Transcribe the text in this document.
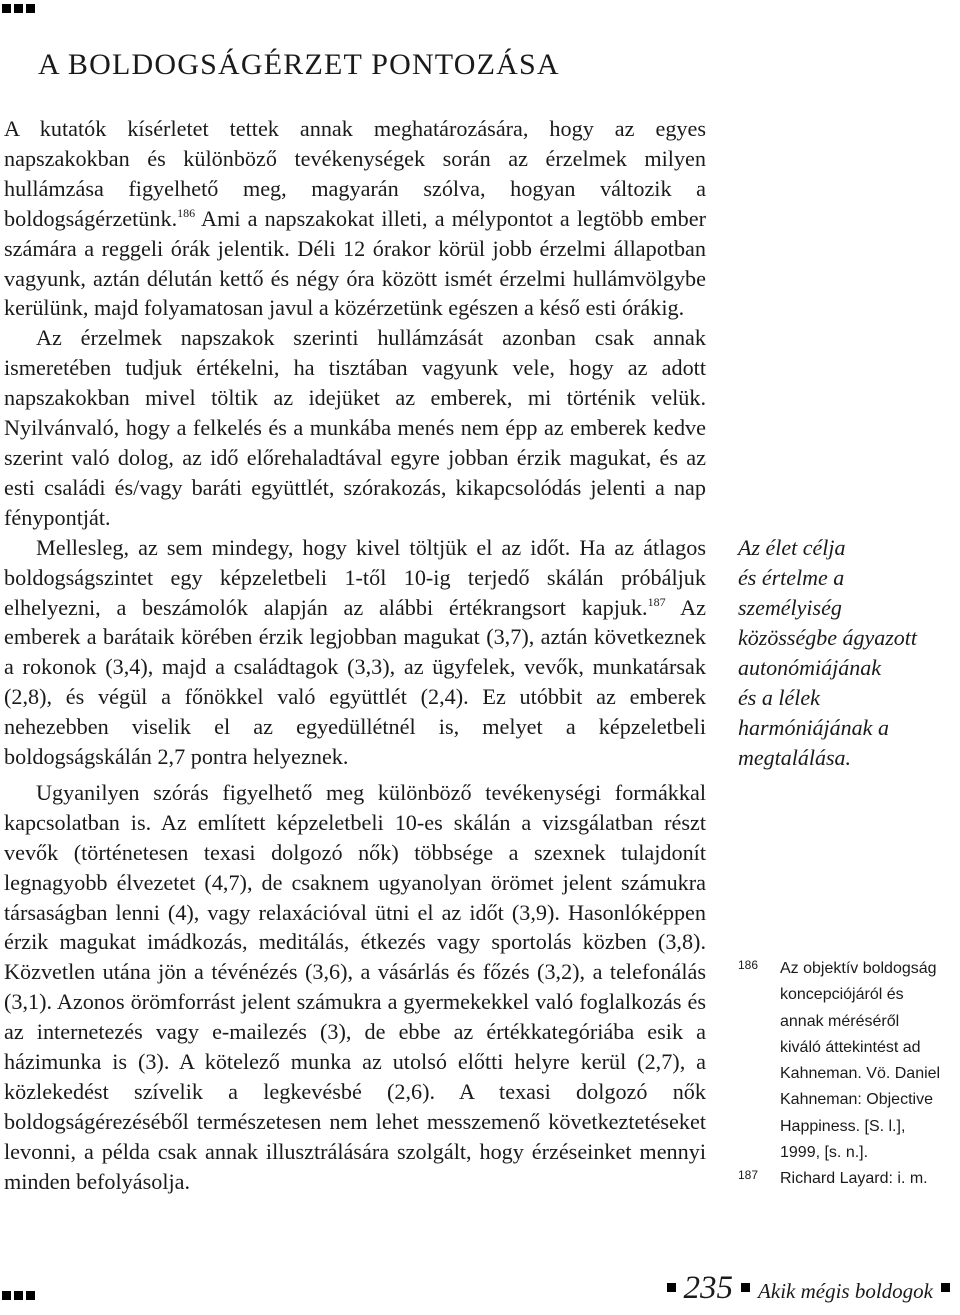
A BOLDOGSÁGÉRZET PONTOZÁSA

A kutatók kísérletet tettek annak meghatározására, hogy az egyes napszakokban és különböző tevékenységek során az érzelmek milyen hullámzása figyelhető meg, magyarán szólva, hogyan változik a boldogságérzetünk.$^{186}$ Ami a napszakokat illeti, a mélypontot a legtöbb ember számára a reggeli órák jelentik. Déli 12 órakor körül jobb érzelmi állapotban vagyunk, aztán délután kettő és négy óra között ismét érzelmi hullámvölgybe kerülünk, majd folyamatosan javul a közérzetünk egészen a késő esti órákig.

Az érzelmek napszakok szerinti hullámzását azonban csak annak ismeretében tudjuk értékelni, ha tisztában vagyunk vele, hogy az adott napszakokban mivel töltik az idejüket az emberek, mi történik velük. Nyilvánvaló, hogy a felkelés és a munkába menés nem épp az emberek kedve szerint való dolog, az idő előrehaladtával egyre jobban érzik magukat, és az esti családi és/vagy baráti együttlét, szórakozás, kikapcsolódás jelenti a nap fénypontját.

Mellesleg, az sem mindegy, hogy kivel töltjük el az időt. Ha az átlagos boldogságszintet egy képzeletbeli 1-től 10-ig terjedő skálán próbáljuk elhelyezni, a beszámolók alapján az alábbi értékrangsort kapjuk.$^{187}$ Az emberek a barátaik körében érzik legjobban magukat (3,7), aztán következnek a rokonok (3,4), majd a családtagok (3,3), az ügyfelek, vevők, munkatársak (2,8), és végül a főnökkel való együttlét (2,4). Ez utóbbit az emberek nehezebben viselik el az egyedüllétnél is, melyet a képzeletbeli boldogságskálán 2,7 pontra helyeznek.

Ugyanilyen szórás figyelhető meg különböző tevékenységi formákkal kapcsolatban is. Az említett képzeletbeli 10-es skálán a vizsgálatban részt vevők (történetesen texasi dolgozó nők) többsége a szexnek tulajdonít legnagyobb élvezetet (4,7), de csaknem ugyanolyan örömet jelent számukra társaságban lenni (4), vagy relaxációval ütni el az időt (3,9). Hasonlóképpen érzik magukat imádkozás, meditálás, étkezés vagy sportolás közben (3,8). Közvetlen utána jön a tévénézés (3,6), a vásárlás és főzés (3,2), a telefonálás (3,1). Azonos örömforrást jelent számukra a gyermekekkel való foglalkozás és az internetezés vagy e-mailezés (3), de ebbe az értékkategóriába esik a házimunka is (3). A kötelező munka az utolsó előtti helyre kerül (2,7), a közlekedést szívelik a legkevésbé (2,6). A texasi dolgozó nők boldogságérezéséből természetesen nem lehet messzemenő következtetéseket levonni, a példa csak annak illusztrálására szolgált, hogy érzéseinket mennyi minden befolyásolja.

Az élet célja
és értelme a
személyiség
közösségbe ágyazott
autonómiájának
és a lélek
harmóniájának a
megtalálása.
186 Az objektív boldogság
koncepciójáról és
annak méréséről
kiváló áttekintést ad
Kahneman. Vö. Daniel
Kahneman: Objective
Happiness. [S. l.],
1999, [s. n.].
187 Richard Layard: i. m.
235 Akik mégis boldogok
